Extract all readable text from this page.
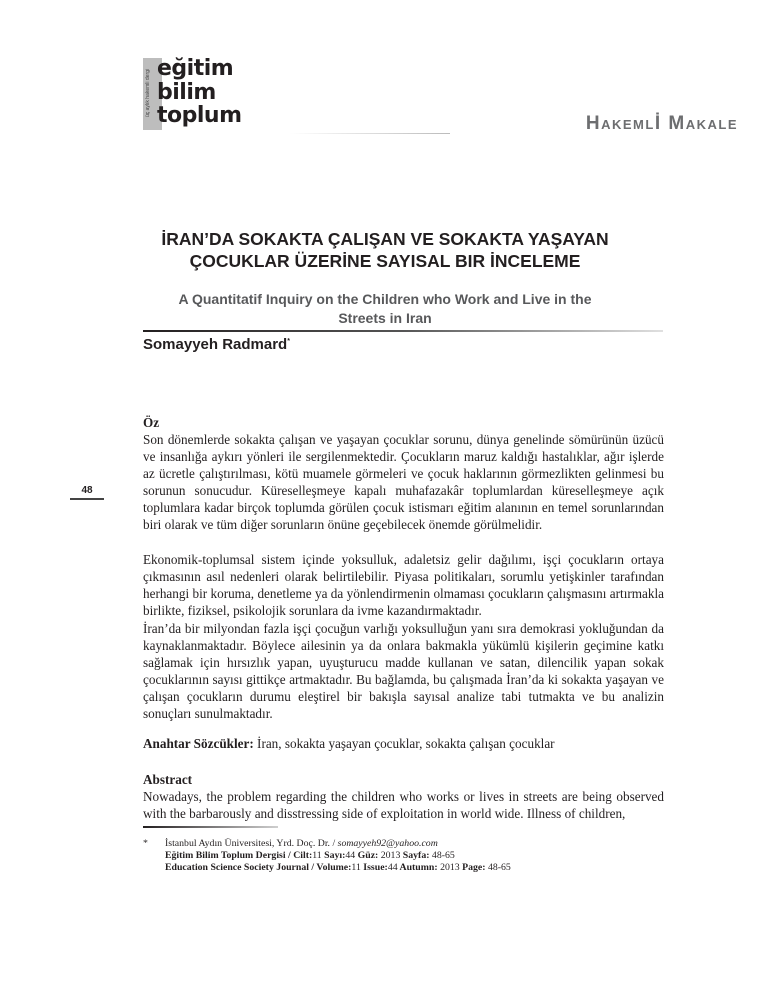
üç aylık hakemli dergi
eğitim
bilim
toplum	Hakemlİ Makale
İRAN’DA SOKAKTA ÇALIŞAN VE SOKAKTA YAŞAYAN
ÇOCUKLAR ÜZERİNE SAYISAL BIR İNCELEME
A Quantitatif Inquiry on the Children who Work and Live in the
Streets in Iran
Somayyeh Radmard*
48
Öz

Son dönemlerde sokakta çalışan ve yaşayan çocuklar sorunu, dünya genelinde sömürünün üzücü ve insanlığa aykırı yönleri ile sergilenmektedir. Çocukların maruz kaldığı hastalıklar, ağır işlerde az ücretle çalıştırılması, kötü muamele görmeleri ve çocuk haklarının görmezlikten gelinmesi bu sorunun sonucudur. Küreselleşmeye kapalı muhafazakâr toplumlardan küreselleşmeye açık toplumlara kadar birçok toplumda görülen çocuk istismarı eğitim alanının en temel sorunlarından biri olarak ve tüm diğer sorunların önüne geçebilecek önemde görülmelidir.

Ekonomik-toplumsal sistem içinde yoksulluk, adaletsiz gelir dağılımı, işçi çocukların ortaya çıkmasının asıl nedenleri olarak belirtilebilir. Piyasa politikaları, sorumlu yetişkinler tarafından herhangi bir koruma, denetleme ya da yönlendirmenin olmaması çocukların çalışmasını artırmakla birlikte, fiziksel, psikolojik sorunlara da ivme kazandırmaktadır.

İran’da bir milyondan fazla işçi çocuğun varlığı yoksulluğun yanı sıra demokrasi yokluğundan da kaynaklanmaktadır. Böylece ailesinin ya da onlara bakmakla yükümlü kişilerin geçimine katkı sağlamak için hırsızlık yapan, uyuşturucu madde kullanan ve satan, dilencilik yapan sokak çocuklarının sayısı gittikçe artmaktadır. Bu bağlamda, bu çalışmada İran’da ki sokakta yaşayan ve çalışan çocukların durumu eleştirel bir bakışla sayısal analize tabi tutmakta ve bu analizin sonuçları sunulmaktadır.

Anahtar Sözcükler: İran, sokakta yaşayan çocuklar, sokakta çalışan çocuklar
Abstract

Nowadays, the problem regarding the children who works or lives in streets are being observed with the barbarously and disstressing side of exploitation in world wide. Illness of children,

* İstanbul Aydın Üniversitesi, Yrd. Doç. Dr. / somayyeh92@yahoo.com
Eğitim Bilim Toplum Dergisi / Cilt:11 Sayı:44 Güz: 2013 Sayfa: 48-65
Education Science Society Journal / Volume:11 Issue:44 Autumn: 2013 Page: 48-65
